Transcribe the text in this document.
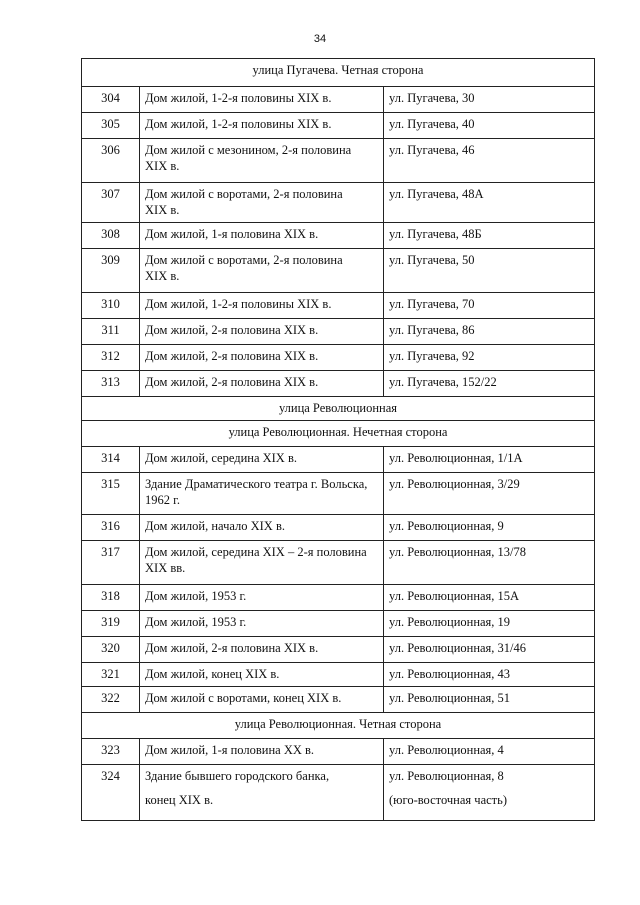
34
улица Пугачева. Четная сторона		
304	Дом жилой, 1-2-я половины XIX в.	ул. Пугачева, 30

305	Дом жилой, 1-2-я половины XIX в.	ул. Пугачева, 40

306	Дом жилой с мезонином, 2-я половина
XIX в.	ул. Пугачева, 46

307	Дом жилой с воротами, 2-я половина
XIX в.	ул. Пугачева, 48А

308	Дом жилой, 1-я половина XIX в.	ул. Пугачева, 48Б

309	Дом жилой с воротами, 2-я половина
XIX в.	ул. Пугачева, 50

310	Дом жилой, 1-2-я половины XIX в.	ул. Пугачева, 70

311	Дом жилой, 2-я половина XIX в.	ул. Пугачева, 86

312	Дом жилой, 2-я половина XIX в.	ул. Пугачева, 92

313	Дом жилой, 2-я половина XIX в.	ул. Пугачева, 152/22

улица Революционная		
улица Революционная. Нечетная сторона		
314	Дом жилой, середина XIX в.	ул. Революционная, 1/1А

315	Здание Драматического театра г. Вольска,
1962 г.	ул. Революционная, 3/29

316	Дом жилой, начало XIX в.	ул. Революционная, 9

317	Дом жилой, середина XIX – 2-я половина
XIX вв.	ул. Революционная, 13/78

318	Дом жилой, 1953 г.	ул. Революционная, 15А

319	Дом жилой, 1953 г.	ул. Революционная, 19

320	Дом жилой, 2-я половина XIX в.	ул. Революционная, 31/46

321	Дом жилой, конец XIX в.	ул. Революционная, 43

322	Дом жилой с воротами, конец XIX в.	ул. Революционная, 51

улица Революционная. Четная сторона		
323	Дом жилой, 1-я половина XX в.	ул. Революционная, 4

324	Здание бывшего городского банка,
конец XIX в.	ул. Революционная, 8
(юго-восточная часть)
